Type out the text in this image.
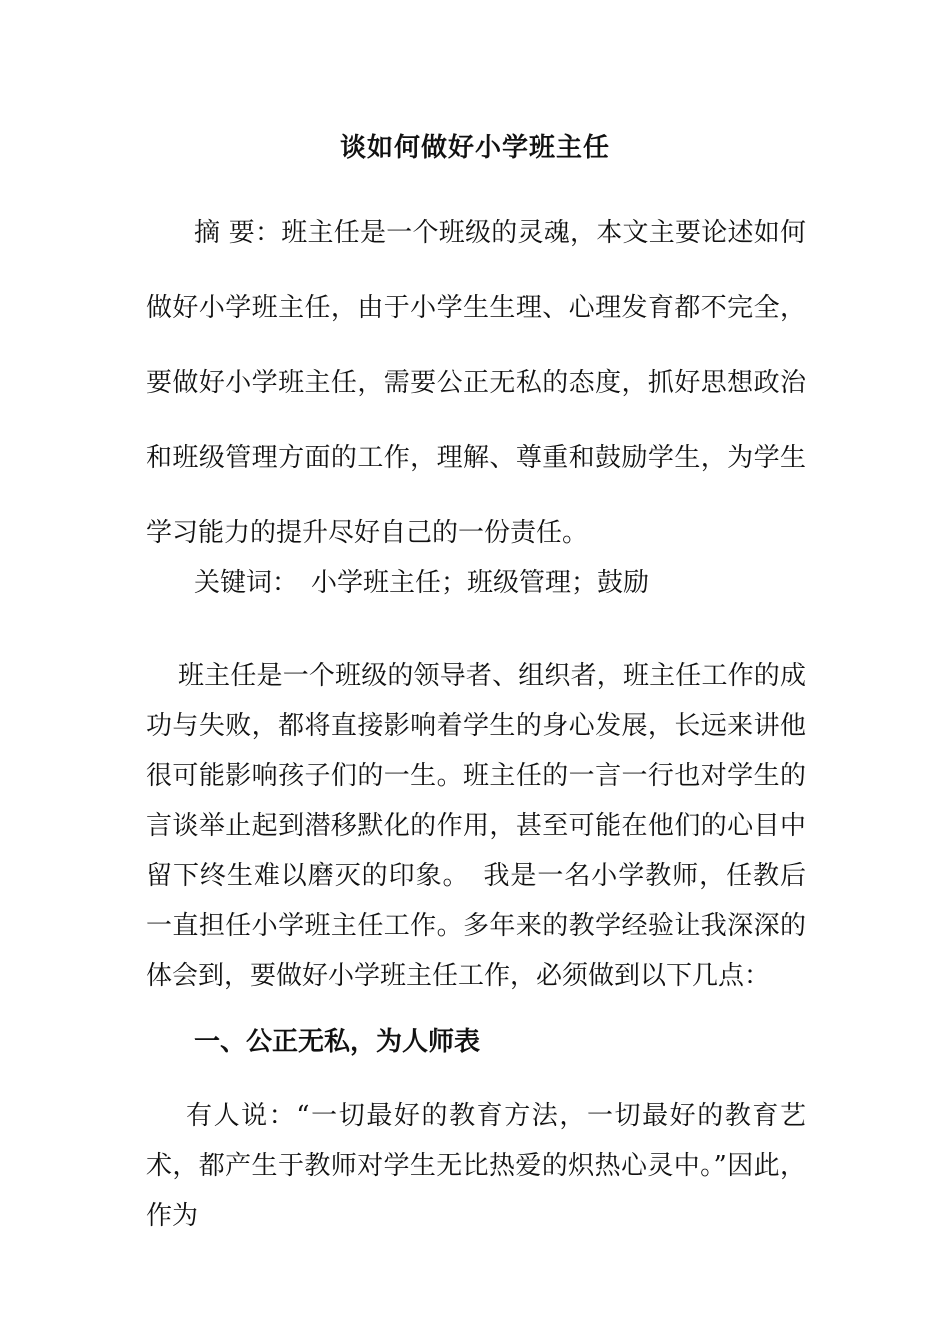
谈如何做好小学班主任
摘 要：班主任是一个班级的灵魂，本文主要论述如何做好小学班主任，由于小学生生理、心理发育都不完全，要做好小学班主任，需要公正无私的态度，抓好思想政治和班级管理方面的工作，理解、尊重和鼓励学生，为学生学习能力的提升尽好自己的一份责任。
关键词：  小学班主任；班级管理；鼓励
班主任是一个班级的领导者、组织者，班主任工作的成功与失败，都将直接影响着学生的身心发展，长远来讲他很可能影响孩子们的一生。班主任的一言一行也对学生的言谈举止起到潜移默化的作用，甚至可能在他们的心目中留下终生难以磨灭的印象。　我是一名小学教师，任教后一直担任小学班主任工作。多年来的教学经验让我深深的体会到，要做好小学班主任工作，必须做到以下几点：
一、公正无私，为人师表
有人说：“一切最好的教育方法，一切最好的教育艺术，都产生于教师对学生无比热爱的炽热心灵中。”因此，作为
